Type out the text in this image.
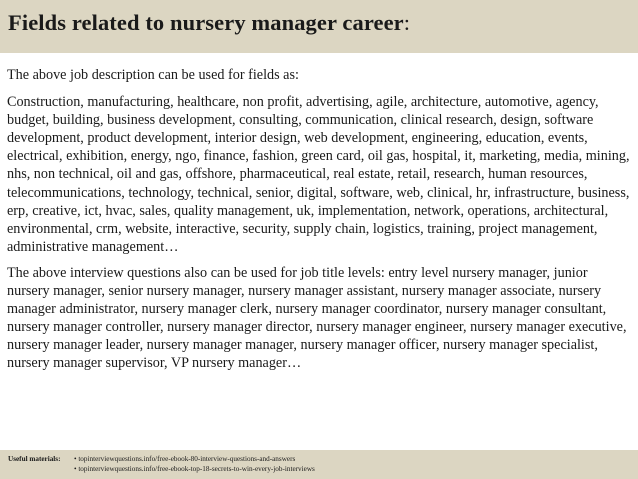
Fields related to nursery manager career:

The above job description can be used for fields as:

Construction, manufacturing, healthcare, non profit, advertising, agile, architecture, automotive, agency, budget, building, business development, consulting, communication, clinical research, design, software development, product development, interior design, web development, engineering, education, events, electrical, exhibition, energy, ngo, finance, fashion, green card, oil gas, hospital, it, marketing, media, mining, nhs, non technical, oil and gas, offshore, pharmaceutical, real estate, retail, research, human resources, telecommunications, technology, technical, senior, digital, software, web, clinical, hr, infrastructure, business, erp, creative, ict, hvac, sales, quality management, uk, implementation, network, operations, architectural, environmental, crm, website, interactive, security, supply chain, logistics, training, project management, administrative management…

The above interview questions also can be used for job title levels: entry level nursery manager, junior nursery manager, senior nursery manager, nursery manager assistant, nursery manager associate, nursery manager administrator, nursery manager clerk, nursery manager coordinator, nursery manager consultant, nursery manager controller, nursery manager director, nursery manager engineer, nursery manager executive, nursery manager leader, nursery manager manager, nursery manager officer, nursery manager specialist, nursery manager supervisor, VP nursery manager…

Useful materials:	• topinterviewquestions.info/free-ebook-80-interview-questions-and-answers
• topinterviewquestions.info/free-ebook-top-18-secrets-to-win-every-job-interviews
